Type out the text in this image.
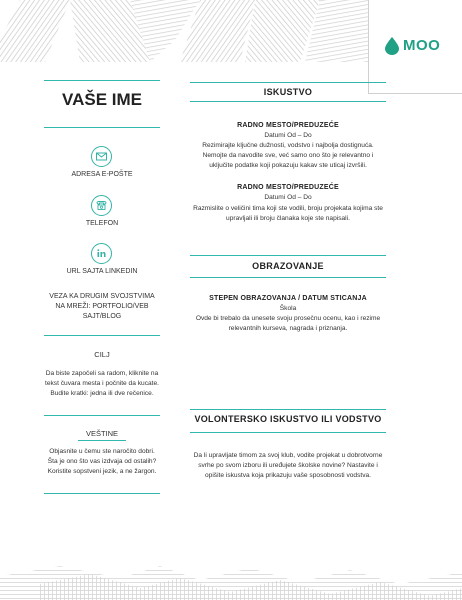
MOO
VAŠE IME
ADRESA E-POŠTE
TELEFON
URL SAJTA LINKEDIN
VEZA KA DRUGIM SVOJSTVIMA NA MREŽI: PORTFOLIO/VEB SAJT/BLOG
CILJ
Da biste započeli sa radom, kliknite na tekst čuvara mesta i počnite da kucate. Budite kratki: jedna ili dve rečenice.
VEŠTINE
Objasnite u čemu ste naročito dobri. Šta je ono što vas izdvaja od ostalih? Koristite sopstveni jezik, a ne žargon.
ISKUSTVO
RADNO MESTO/PREDUZEĆE
Datumi Od – Do
Rezimirajte ključne dužnosti, vodstvo i najbolja dostignuća. Nemojte da navodite sve, već samo ono što je relevantno i uključite podatke koji pokazuju kakav ste uticaj izvršili.
RADNO MESTO/PREDUZEĆE
Datumi Od – Do
Razmislite o veličini tima koji ste vodili, broju projekata kojima ste upravljali ili broju članaka koje ste napisali.
OBRAZOVANJE
STEPEN OBRAZOVANJA / DATUM STICANJA
Škola
Ovde bi trebalo da unesete svoju prosečnu ocenu, kao i rezime relevantnih kurseva, nagrada i priznanja.
VOLONTERSKO ISKUSTVO ILI VODSTVO
Da li upravljate timom za svoj klub, vodite projekat u dobrotvorne svrhe po svom izboru ili uređujete školske novine? Nastavite i opišite iskustva koja prikazuju vaše sposobnosti vodstva.
